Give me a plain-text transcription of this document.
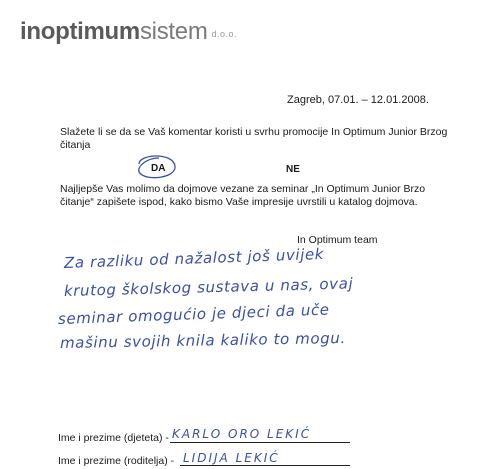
inoptimumsistem d.o.o.
Zagreb, 07.01. – 12.01.2008.
Slažete li se da se Vaš komentar koristi u svrhu promocije In Optimum Junior Brzog čitanja
DA	NE
Najljepše Vas molimo da dojmove vezane za seminar „In Optimum Junior Brzo čitanje“ zapišete ispod, kako bismo Vaše impresije uvrstili u katalog dojmova.
In Optimum team
Za razliku od nažalost još uvijek
krutog školskog sustava u nas, ovaj
seminar omogućio je djeci da uče
mašinu svojih knila kaliko to mogu.
Ime i prezime (djeteta) - KARLO ORO LEKIĆ
Ime i prezime (roditelja) - LIDIJA LEKIĆ
